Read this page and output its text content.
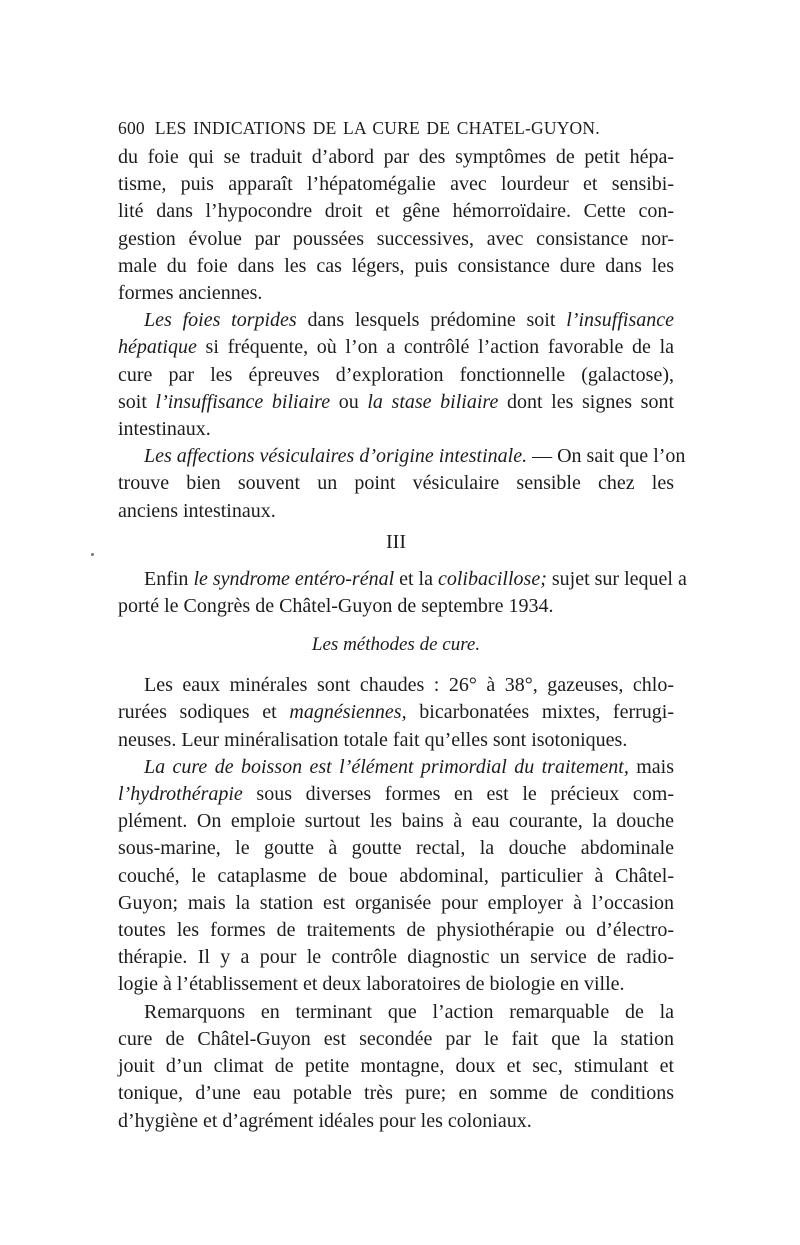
600 LES INDICATIONS DE LA CURE DE CHATEL-GUYON.

du foie qui se traduit d’abord par des symptômes de petit hépa-
tisme, puis apparaît l’hépatomégalie avec lourdeur et sensibi-
lité dans l’hypocondre droit et gêne hémorroïdaire. Cette con-
gestion évolue par poussées successives, avec consistance nor-
male du foie dans les cas légers, puis consistance dure dans les
formes anciennes.

Les foies torpides dans lesquels prédomine soit l’insuffisance
hépatique si fréquente, où l’on a contrôlé l’action favorable de la
cure par les épreuves d’exploration fonctionnelle (galactose),
soit l’insuffisance biliaire ou la stase biliaire dont les signes sont
intestinaux.

Les affections vésiculaires d’origine intestinale. — On sait que l’on
trouve bien souvent un point vésiculaire sensible chez les
anciens intestinaux.

III

Enfin le syndrome entéro-rénal et la colibacillose; sujet sur lequel a
porté le Congrès de Châtel-Guyon de septembre 1934.

Les méthodes de cure.

Les eaux minérales sont chaudes : 26° à 38°, gazeuses, chlo-
rurées sodiques et magnésiennes, bicarbonatées mixtes, ferrugi-
neuses. Leur minéralisation totale fait qu’elles sont isotoniques.

La cure de boisson est l’élément primordial du traitement, mais
l’hydrothérapie sous diverses formes en est le précieux com-
plément. On emploie surtout les bains à eau courante, la douche
sous-marine, le goutte à goutte rectal, la douche abdominale
couché, le cataplasme de boue abdominal, particulier à Châtel-
Guyon; mais la station est organisée pour employer à l’occasion
toutes les formes de traitements de physiothérapie ou d’électro-
thérapie. Il y a pour le contrôle diagnostic un service de radio-
logie à l’établissement et deux laboratoires de biologie en ville.

Remarquons en terminant que l’action remarquable de la
cure de Châtel-Guyon est secondée par le fait que la station
jouit d’un climat de petite montagne, doux et sec, stimulant et
tonique, d’une eau potable très pure; en somme de conditions
d’hygiène et d’agrément idéales pour les coloniaux.
